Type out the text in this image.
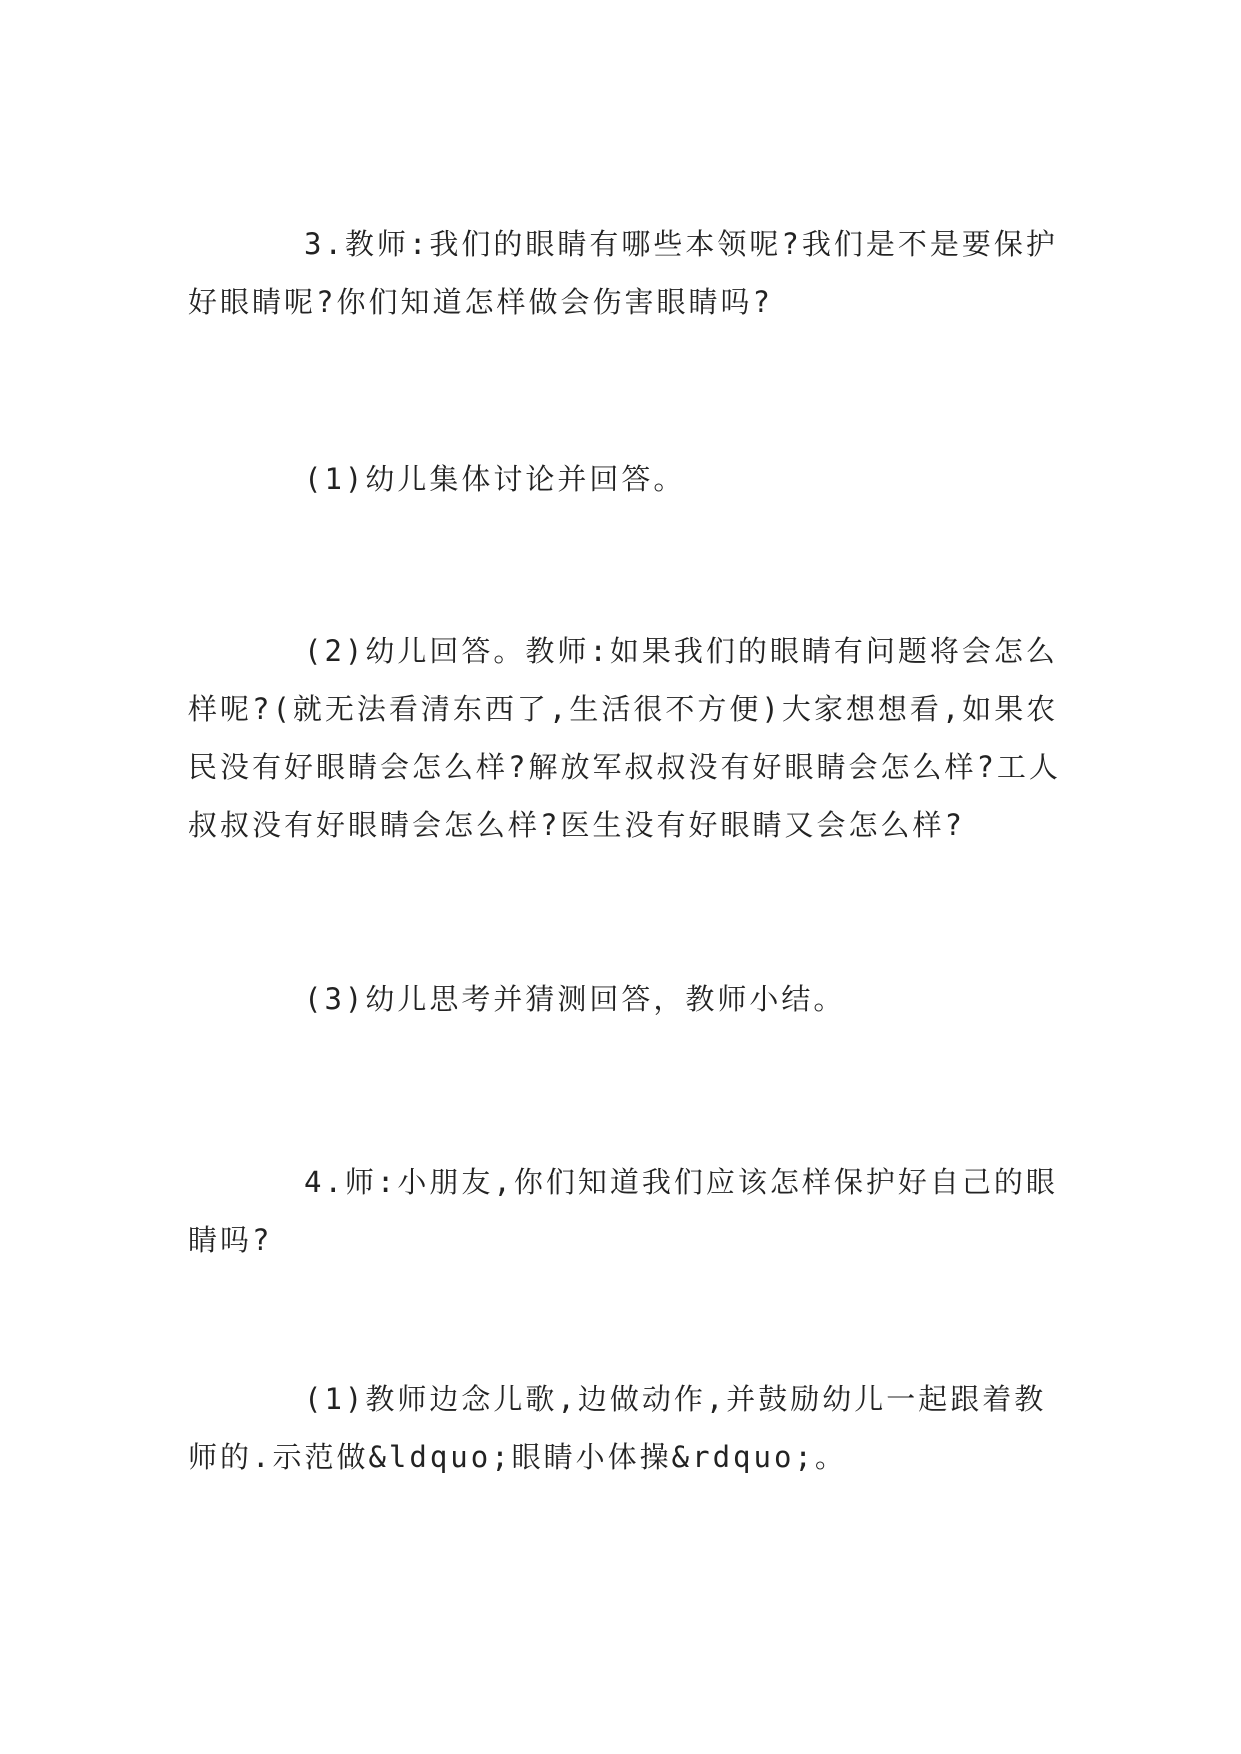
3.教师:我们的眼睛有哪些本领呢?我们是不是要保护好眼睛呢?你们知道怎样做会伤害眼睛吗?

(1)幼儿集体讨论并回答。

(2)幼儿回答。教师:如果我们的眼睛有问题将会怎么样呢?(就无法看清东西了,生活很不方便)大家想想看,如果农民没有好眼睛会怎么样?解放军叔叔没有好眼睛会怎么样?工人叔叔没有好眼睛会怎么样?医生没有好眼睛又会怎么样?

(3)幼儿思考并猜测回答，教师小结。

4.师:小朋友,你们知道我们应该怎样保护好自己的眼睛吗?

(1)教师边念儿歌,边做动作,并鼓励幼儿一起跟着教师的.示范做&ldquo;眼睛小体操&rdquo;。
